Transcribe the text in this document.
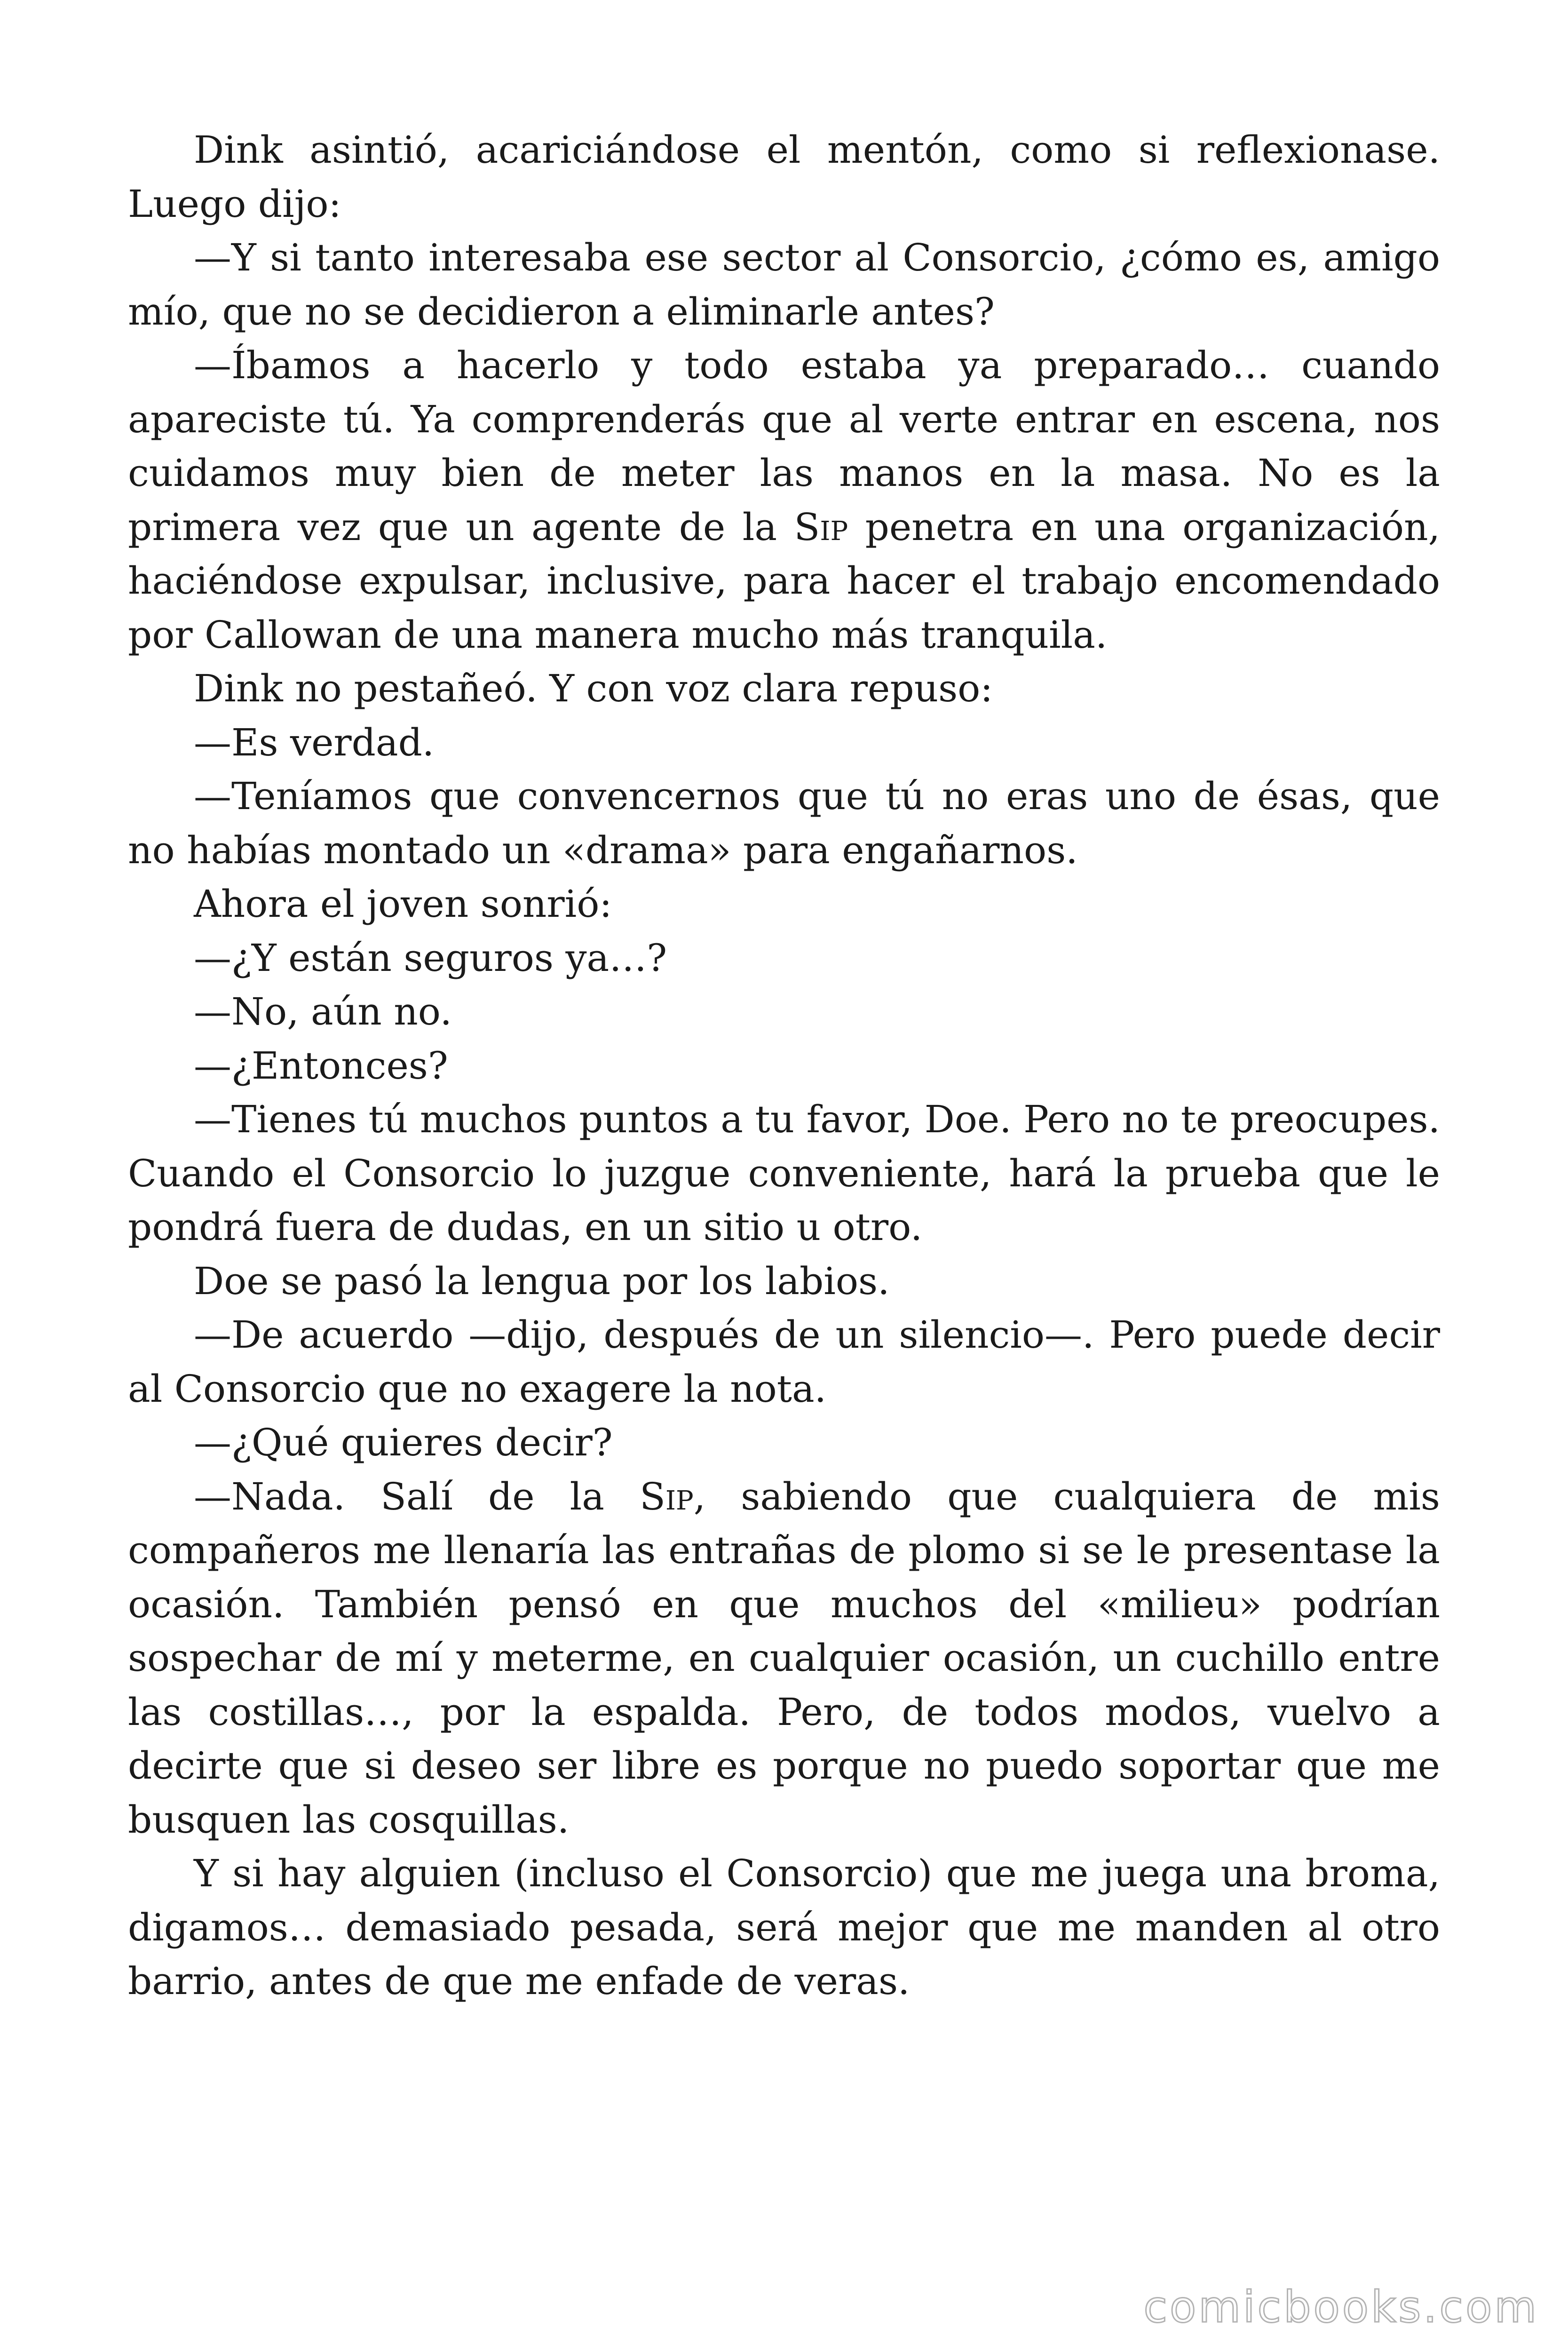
Dink asintió, acariciándose el mentón, como si reflexionase. Luego dijo:

—Y si tanto interesaba ese sector al Consorcio, ¿cómo es, amigo mío, que no se decidieron a eliminarle antes?

—Íbamos a hacerlo y todo estaba ya preparado… cuando apareciste tú. Ya comprenderás que al verte entrar en escena, nos cuidamos muy bien de meter las manos en la masa. No es la primera vez que un agente de la Sip penetra en una organización, haciéndose expulsar, inclusive, para hacer el trabajo encomendado por Callowan de una manera mucho más tranquila.

Dink no pestañeó. Y con voz clara repuso:

—Es verdad.

—Teníamos que convencernos que tú no eras uno de ésas, que no habías montado un «drama» para engañarnos.

Ahora el joven sonrió:

—¿Y están seguros ya…?

—No, aún no.

—¿Entonces?

—Tienes tú muchos puntos a tu favor, Doe. Pero no te preocupes. Cuando el Consorcio lo juzgue conveniente, hará la prueba que le pondrá fuera de dudas, en un sitio u otro.

Doe se pasó la lengua por los labios.

—De acuerdo —dijo, después de un silencio—. Pero puede decir al Consorcio que no exagere la nota.

—¿Qué quieres decir?

—Nada. Salí de la Sip, sabiendo que cualquiera de mis compañeros me llenaría las entrañas de plomo si se le presentase la ocasión. También pensó en que muchos del «milieu» podrían sospechar de mí y meterme, en cualquier ocasión, un cuchillo entre las costillas…, por la espalda. Pero, de todos modos, vuelvo a decirte que si deseo ser libre es porque no puedo soportar que me busquen las cosquillas.

Y si hay alguien (incluso el Consorcio) que me juega una broma, digamos… demasiado pesada, será mejor que me manden al otro barrio, antes de que me enfade de veras.

comicbooks.com
